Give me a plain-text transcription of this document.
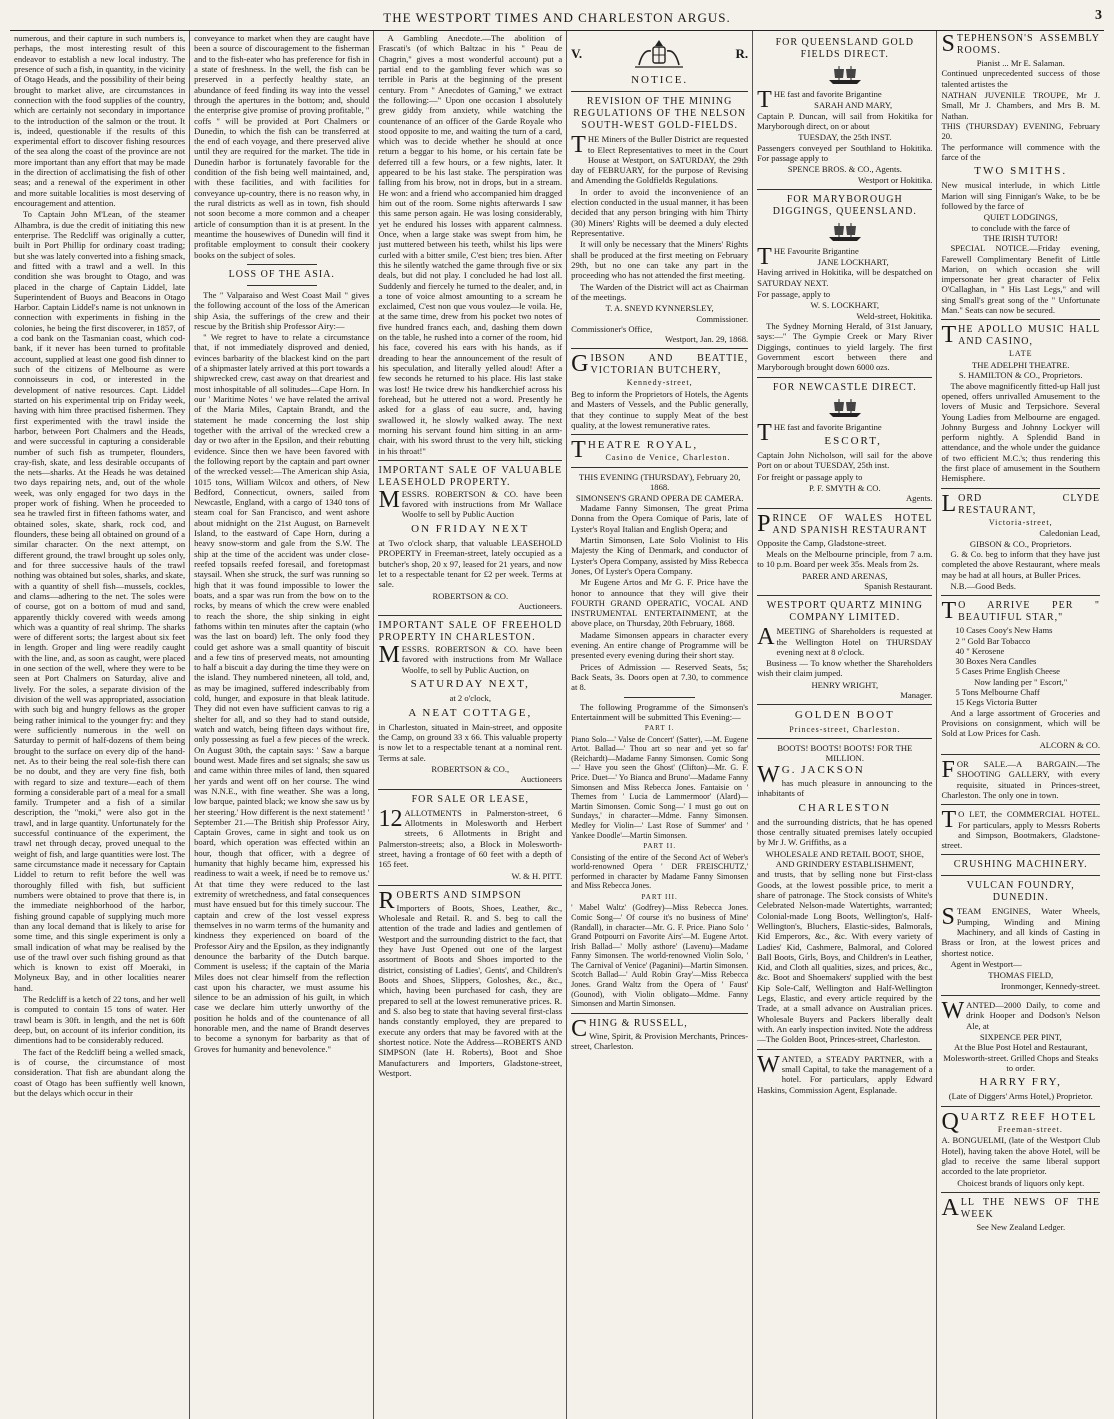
THE WESTPORT TIMES AND CHARLESTON ARGUS.	3

numerous, and their capture in such numbers is, perhaps, the most interesting result of this endeavor to establish a new local industry. The presence of such a fish, in quantity, in the vicinity of Otago Heads, and the possibility of their being brought to market alive, are circumstances in connection with the food supplies of the country, which are certainly not secondary in importance to the introduction of the salmon or the trout. It is, indeed, questionable if the results of this experimental effort to discover fishing resources of the sea along the coast of the province are not more important than any effort that may be made in the direction of acclimatising the fish of other seas; and a renewal of the experiment in other and more suitable localities is most deserving of encouragement and attention.

To Captain John M'Lean, of the steamer Alhambra, is due the credit of initiating this new enterprise. The Redcliff was originally a cutter, built in Port Phillip for ordinary coast trading; but she was lately converted into a fishing smack, and fitted with a trawl and a well. In this condition she was brought to Otago, and was placed in the charge of Captain Liddel, late Superintendent of Buoys and Beacons in Otago Harbor. Captain Liddel's name is not unknown in connection with experiments in fishing in the colonies, he being the first discoverer, in 1857, of a cod bank on the Tasmanian coast, which cod-bank, if it never has been turned to profitable account, supplied at least one good fish dinner to such of the citizens of Melbourne as were connoisseurs in cod, or interested in the development of native resources. Capt. Liddel started on his experimental trip on Friday week, having with him three practised fishermen. They first experimented with the trawl inside the harbor, between Port Chalmers and the Heads, and were successful in capturing a considerable number of such fish as trumpeter, flounders, cray-fish, skate, and less desirable occupants of the nets—sharks. At the Heads he was detained two days repairing nets, and, out of the whole week, was only engaged for two days in the proper work of fishing. When he proceeded to sea he trawled first in fifteen fathoms water, and obtained soles, skate, shark, rock cod, and flounders, these being all obtained on ground of a similar character. On the next attempt, on different ground, the trawl brought up soles only, and for three successive hauls of the trawl nothing was obtained but soles, sharks, and skate, with a quantity of shell fish—mussels, cockles, and clams—adhering to the net. The soles were of course, got on a bottom of mud and sand, apparently thickly covered with weeds among which was a quantity of real shrimp. The sharks were of different sorts; the largest about six feet in length. Groper and ling were readily caught with the line, and, as soon as caught, were placed in one section of the well, where they were to be seen at Port Chalmers on Saturday, alive and lively. For the soles, a separate division of the division of the well was appropriated, association with such big and hungry fellows as the groper being rather inimical to the younger fry: and they were sufficiently numerous in the well on Saturday to permit of half-dozens of them being brought to the surface on every dip of the hand-net. As to their being the real sole-fish there can be no doubt, and they are very fine fish, both with regard to size and texture—each of them forming a considerable part of a meal for a small family. Trumpeter and a fish of a similar description, the "moki," were also got in the trawl, and in large quantity. Unfortunately for the successful continuance of the experiment, the trawl net through decay, proved unequal to the weight of fish, and large quantities were lost. The same circumstance made it necessary for Captain Liddel to return to refit before the well was thoroughly filled with fish, but sufficient numbers were obtained to prove that there is, in the immediate neighborhood of the harbor, fishing ground capable of supplying much more than any local demand that is likely to arise for some time, and this single experiment is only a small indication of what may be realised by the use of the trawl over such fishing ground as that which is known to exist off Moeraki, in Molyneux Bay, and in other localities nearer hand.

The Redcliff is a ketch of 22 tons, and her well is computed to contain 15 tons of water. Her trawl beam is 30ft. in length, and the net is 60ft deep, but, on account of its inferior condition, its dimentions had to be considerably reduced.

The fact of the Redcliff being a welled smack, is of course, the circumstance of most consideration. That fish are abundant along the coast of Otago has been suffiently well known, but the delays which occur in their

conveyance to market when they are caught have been a source of discouragement to the fisherman and to the fish-eater who has preference for fish in a state of freshness. In the well, the fish can be preserved in a perfectly healthy state, an abundance of feed finding its way into the vessel through the apertures in the bottom; and, should the enterprise give promise of proving profitable, " coffs " will be provided at Port Chalmers or Dunedin, to which the fish can be transferred at the end of each voyage, and there preserved alive until they are required for the market. The tide in Dunedin harbor is fortunately favorable for the condition of the fish being well maintained, and, with these facilities, and with facilities for conveyance up-country, there is no reason why, in the rural districts as well as in town, fish should not soon become a more common and a cheaper article of consumption than it is at present. In the meantime the housewives of Dunedin will find it profitable employment to consult their cookery books on the subject of soles.

LOSS OF THE ASIA.

The " Valparaiso and West Coast Mail " gives the following account of the loss of the American ship Asia, the sufferings of the crew and their rescue by the British ship Professor Airy:—

" We regret to have to relate a circumstance that, if not immediately disproved and denied, evinces barbarity of the blackest kind on the part of a shipmaster lately arrived at this port towards a shipwrecked crew, cast away on that dreariest and most inhospitable of all solitudes—Cape Horn. In our ' Maritime Notes ' we have related the arrival of the Maria Miles, Captain Brandt, and the statement he made concerning the lost ship together with the arrival of the wrecked crew a day or two after in the Epsilon, and their rebutting evidence. Since then we have been favored with the following report by the captain and part owner of the wrecked vessel:—The American ship Asia, 1015 tons, William Wilcox and others, of New Bedford, Connecticut, owners, sailed from Newcastle, England, with a cargo of 1340 tons of steam coal for San Francisco, and went ashore about midnight on the 21st August, on Barnevelt Island, to the eastward of Cape Horn, during a heavy snow-storm and gale from the S.W. The ship at the time of the accident was under close-reefed topsails reefed foresail, and foretopmast staysail. When she struck, the surf was running so high that it was found impossible to lower the boats, and a spar was run from the bow on to the rocks, by means of which the crew were enabled to reach the shore, the ship sinking in eight fathoms within ten minutes after the captain (who was the last on board) left. The only food they could get ashore was a small quantity of biscuit and a few tins of preserved meats, not amounting to half a biscuit a day during the time they were on the island. They numbered nineteen, all told, and, as may be imagined, suffered indescribably from cold, hunger, and exposure in that bleak latitude. They did not even have sufficient canvas to rig a shelter for all, and so they had to stand outside, watch and watch, being fifteen days without fire, only possessing as fuel a few pieces of the wreck. On August 30th, the captain says: ' Saw a barque bound west. Made fires and set signals; she saw us and came within three miles of land, then squared her yards and went off on her course. The wind was N.N.E., with fine weather. She was a long, low barque, painted black; we know she saw us by her steering.' How different is the next statement! ' September 21.—The British ship Professor Airy, Captain Groves, came in sight and took us on board, which operation was effected within an hour, though that officer, with a degree of humanity that highly became him, expressed his readiness to wait a week, if need be to remove us.' At that time they were reduced to the last extremity of wretchedness, and fatal consequences must have ensued but for this timely succour. The captain and crew of the lost vessel express themselves in no warm terms of the humanity and kindness they experienced on board of the Professor Airy and the Epsilon, as they indignantly denounce the barbarity of the Dutch barque. Comment is useless; if the captain of the Maria Miles does not clear himself from the reflection cast upon his character, we must assume his silence to be an admission of his guilt, in which case we declare him utterly unworthy of the position he holds and of the countenance of all honorable men, and the name of Brandt deserves to become a synonym for barbarity as that of Groves for humanity and benevolence."

A Gambling Anecdote.—The abolition of Frascati's (of which Baltzac in his " Peau de Chagrin," gives a most wonderful account) put a partial end to the gambling fever which was so terrible in Paris at the beginning of the present century. From " Anecdotes of Gaming," we extract the following:—" Upon one occasion I absolutely grew giddy from anxiety, while watching the countenance of an officer of the Garde Royale who stood opposite to me, and waiting the turn of a card, which was to decide whether he should at once return a beggar to his home, or his certain fate be deferred till a few hours, or a few nights, later. It appeared to be his last stake. The perspiration was falling from his brow, not in drops, but in a stream. He won: and a friend who accompanied him dragged him out of the room. Some nights afterwards I saw this same person again. He was losing considerably, yet he endured his losses with apparent calmness. Once, when a large stake was swept from him, he just muttered between his teeth, whilst his lips were curled with a bitter smile, C'est bien; tres bien. After this he silently watched the game through five or six deals, but did not play. I concluded he had lost all. Suddenly and fiercely he turned to the dealer, and, in a tone of voice almost amounting to a scream he exclaimed, C'est non que vous voulez—le voila. He, at the same time, drew from his pocket two notes of five hundred francs each, and, dashing them down on the table, he rushed into a corner of the room, hid his face, covered his ears with his hands, as if dreading to hear the announcement of the result of his speculation, and literally yelled aloud! After a few seconds he returned to his place. His last stake was lost! He twice drew his handkerchief across his forehead, but he uttered not a word. Presently he asked for a glass of eau sucre, and, having swallowed it, he slowly walked away. The next morning his servant found him sitting in an arm-chair, with his sword thrust to the very hilt, sticking in his throat!"

IMPORTANT SALE OF VALUABLE LEASEHOLD PROPERTY.

MESSRS. ROBERTSON & CO. have been favored with instructions from Mr Wallace Woolfe to sell by Public Auction

ON FRIDAY NEXT

at Two o'clock sharp, that valuable LEASEHOLD PROPERTY in Freeman-street, lately occupied as a butcher's shop, 20 x 97, leased for 21 years, and now let to a respectable tenant for £2 per week. Terms at sale.

ROBERTSON & CO.
Auctioneers.
IMPORTANT SALE OF FREEHOLD PROPERTY IN CHARLESTON.

MESSRS. ROBERTSON & CO. have been favored with instructions from Mr Wallace Woolfe, to sell by Public Auction, on

SATURDAY NEXT,
at 2 o'clock,
A NEAT COTTAGE,

in Charleston, situated in Main-street, and opposite the Camp, on ground 33 x 66. This valuable property is now let to a respectable tenant at a nominal rent. Terms at sale.

ROBERTSON & CO.,
Auctioneers
FOR SALE OR LEASE,

12 ALLOTMENTS in Palmerston-street, 6 Allotments in Molesworth and Herbert streets, 6 Allotments in Bright and Palmerston-streets; also, a Block in Molesworth-street, having a frontage of 60 feet with a depth of 165 feet.

W. & H. PITT.

ROBERTS AND SIMPSON

Importers of Boots, Shoes, Leather, &c., Wholesale and Retail. R. and S. beg to call the attention of the trade and ladies and gentlemen of Westport and the surrounding district to the fact, that they have Just Opened out one of the largest assortment of Boots and Shoes imported to the district, consisting of Ladies', Gents', and Children's Boots and Shoes, Slippers, Goloshes, &c., &c., which, having been purchased for cash, they are prepared to sell at the lowest remunerative prices. R. and S. also beg to state that having several first-class hands constantly employed, they are prepared to execute any orders that may be favored with at the shortest notice. Note the Address—ROBERTS AND SIMPSON (late H. Roberts), Boot and Shoe Manufacturers and Importers, Gladstone-street, Westport.

V.	R.
NOTICE.
REVISION OF THE MINING REGULATIONS OF THE NELSON SOUTH-WEST GOLD-FIELDS.

THE Miners of the Buller District are requested to Elect Representatives to meet in the Court House at Westport, on SATURDAY, the 29th day of FEBRUARY, for the purpose of Revising and Amending the Goldfields Regulations.

In order to avoid the inconvenience of an election conducted in the usual manner, it has been decided that any person bringing with him Thirty (30) Miners' Rights will be deemed a duly elected Representative.

It will only be necessary that the Miners' Rights shall be produced at the first meeting on February 29th, but no one can take any part in the proceeding who has not attended the first meeting.

The Warden of the District will act as Chairman of the meetings.

T. A. SNEYD KYNNERSLEY,
Commissioner.
Commissioner's Office,
Westport, Jan. 29, 1868.

GIBSON AND BEATTIE, VICTORIAN BUTCHERY,

Kennedy-street,

Beg to inform the Proprietors of Hotels, the Agents and Masters of Vessels, and the Public generally, that they continue to supply Meat of the best quality, at the lowest remunerative rates.

THEATRE ROYAL,

Casino de Venice, Charleston.
THIS EVENING (THURSDAY), February 20, 1868.
SIMONSEN'S GRAND OPERA DE CAMERA.

Madame Fanny Simonsen, The great Prima Donna from the Opera Comique of Paris, late of Lyster's Royal Italian and English Opera; and

Martin Simonsen, Late Solo Violinist to His Majesty the King of Denmark, and conductor of Lyster's Opera Company, assisted by Miss Rebecca Jones, Of Lyster's Opera Company.

Mr Eugene Artos and Mr G. F. Price have the honor to announce that they will give their FOURTH GRAND OPERATIC, VOCAL AND INSTRUMENTAL ENTERTAINMENT, at the above place, on Thursday, 20th February, 1868.

Madame Simonsen appears in character every evening. An entire change of Programme will be presented every evening during their short stay.

Prices of Admission — Reserved Seats, 5s; Back Seats, 3s. Doors open at 7.30, to commence at 8.

The following Programme of the Simonsen's Entertainment will be submitted This Evening:—

PART I.

Piano Solo—' Valse de Concert' (Satter), —M. Eugene Artot. Ballad—' Thou art so near and yet so far' (Reichardt)—Madame Fanny Simonsen. Comic Song—' Have you seen the Ghost' (Clifton)—Mr. G. F. Price. Duet—' Yo Bianca and Bruno'—Madame Fanny Simonsen and Miss Rebecca Jones. Fantaisie on ' Themes from ' Lucia de Lammermoor' (Alard)—Martin Simonsen. Comic Song—' I must go out on Sundays,' in character—Mdme. Fanny Simonsen. Medley for Violin—' Last Rose of Summer' and ' Yankee Doodle'—Martin Simonsen.

PART II.

Consisting of the entire of the Second Act of Weber's world-renowned Opera ' DER FREISCHUTZ,' performed in character by Madame Fanny Simonsen and Miss Rebecca Jones.

PART III.

' Mabel Waltz' (Godfrey)—Miss Rebecca Jones. Comic Song—' Of course it's no business of Mine' (Randall), in character—Mr. G. F. Price. Piano Solo ' Grand Potpourri on Favorite Airs'—M. Eugene Artot. Irish Ballad—' Molly asthore' (Lavenu)—Madame Fanny Simonsen. The world-renowned Violin Solo, ' The Carnival of Venice' (Paganini)—Martin Simonsen. Scotch Ballad—' Auld Robin Gray'—Miss Rebecca Jones. Grand Waltz from the Opera of ' Faust' (Gounod), with Violin obligato—Mdme. Fanny Simonsen and Martin Simonsen.

CHING & RUSSELL,

Wine, Spirit, & Provision Merchants, Princes-street, Charleston.

FOR QUEENSLAND GOLD FIELDS DIRECT.

THE fast and favorite Brigantine

SARAH AND MARY,

Captain P. Duncan, will sail from Hokitika for Maryborough direct, on or about

TUESDAY, the 25th INST.

Passengers conveyed per Southland to Hokitika. For passage apply to

SPENCE BROS. & CO., Agents.
Westport or Hokitika.
FOR MARYBOROUGH DIGGINGS, QUEENSLAND.

THE Favourite Brigantine

JANE LOCKHART,

Having arrived in Hokitika, will be despatched on SATURDAY NEXT.

For passage, apply to

W. S. LOCKHART,
Weld-street, Hokitika.

The Sydney Morning Herald, of 31st January, says:—" The Gympie Creek or Mary River Diggings, continues to yield largely. The first Government escort between there and Maryborough brought down 6000 ozs.

FOR NEWCASTLE DIRECT.

THE fast and favorite Brigantine

ESCORT,

Captain John Nicholson, will sail for the above Port on or about TUESDAY, 25th inst.

For freight or passage apply to

P. F. SMYTH & CO.
Agents.

PRINCE OF WALES HOTEL AND SPANISH RESTAURANT

Opposite the Camp, Gladstone-street.

Meals on the Melbourne principle, from 7 a.m. to 10 p.m. Board per week 35s. Meals from 2s.

PARER AND ARENAS,
Spanish Restaurant.
WESTPORT QUARTZ MINING COMPANY LIMITED.

AMEETING of Shareholders is requested at the Wellington Hotel on THURSDAY evening next at 8 o'clock.

Business — To know whether the Shareholders wish their claim jumped.

HENRY WRIGHT,
Manager.
GOLDEN BOOT
Princes-street, Charleston.
BOOTS! BOOTS! BOOTS! FOR THE MILLION.

W G. JACKSON

has much pleasure in announcing to the inhabitants of

CHARLESTON

and the surrounding districts, that he has opened those centrally situated premises lately occupied by Mr J. W. Griffiths, as a

WHOLESALE AND RETAIL BOOT, SHOE, AND GRINDERY ESTABLISHMENT,

and trusts, that by selling none but First-class Goods, at the lowest possible price, to merit a share of patronage. The Stock consists of White's Celebrated Nelson-made Watertights, warranted; Colonial-made Long Boots, Wellington's, Half-Wellington's, Bluchers, Elastic-sides, Balmorals, Kid Emperors, &c., &c. With every variety of Ladies' Kid, Cashmere, Balmoral, and Colored Ball Boots, Girls, Boys, and Children's in Leather, Kid, and Cloth all qualities, sizes, and prices, &c., &c. Boot and Shoemakers' supplied with the best Kip Sole-Calf, Wellington and Half-Wellington Legs, Elastic, and every article required by the Trade, at a small advance on Australian prices. Wholesale Buyers and Packers liberally dealt with. An early inspection invited. Note the address—The Golden Boot, Princes-street, Charleston.

WANTED, a STEADY PARTNER, with a small Capital, to take the management of a hotel. For particulars, apply Edward Haskins, Commission Agent, Esplanade.

STEPHENSON'S ASSEMBLY ROOMS.

Pianist ... Mr E. Salaman.

Continued unprecedented success of those talented artistes the

NATHAN JUVENILE TROUPE, Mr J. Small, Mr J. Chambers, and Mrs B. M. Nathan.
THIS (THURSDAY) EVENING, February 20.
The performance will commence with the farce of the
TWO SMITHS.

New musical interlude, in which Little Marion will sing Finnigan's Wake, to be be followed by the farce of

QUIET LODGINGS,
to conclude with the farce of
THE IRISH TUTOR!

SPECIAL NOTICE.—Friday evening, Farewell Complimentary Benefit of Little Marion, on which occasion she will impersonate her great character of Felix O'Callaghan, in " His Last Legs," and will sing Small's great song of the " Unfortunate Man." Seats can now be secured.

THE APOLLO MUSIC HALL AND CASINO,

LATE
THE ADELPHI THEATRE.
S. HAMILTON & CO., Proprietors.

The above magnificently fitted-up Hall just opened, offers unrivalled Amusement to the lovers of Music and Terpsichore. Several Young Ladies from Melbourne are engaged. Johnny Burgess and Johnny Lockyer will perform nightly. A Splendid Band in attendance, and the whole under the guidance of two efficient M.C.'s; thus rendering this the first place of amusement in the Southern Hemisphere.

LORD CLYDE RESTAURANT,

Victoria-street,
Caledonian Lead,
GIBSON & CO., Proprietors.

G. & Co. beg to inform that they have just completed the above Restaurant, where meals may be had at all hours, at Buller Prices.

N.B.—Good Beds.

T O ARRIVE PER " BEAUTIFUL STAR,"

10 Cases Cooy's New Hams
2 " Gold Bar Tobacco
40 " Kerosene
30 Boxes Nera Candles
5 Cases Prime English Cheese
Now landing per " Escort,"
5 Tons Melbourne Chaff
15 Kegs Victoria Butter

And a large assortment of Groceries and Provisions on consignment, which will be Sold at Low Prices for Cash.

ALCORN & CO.

FOR SALE.—A BARGAIN.—The SHOOTING GALLERY, with every requisite, situated in Princes-street, Charleston. The only one in town.

T O LET, the COMMERCIAL HOTEL. For particulars, apply to Messrs Roberts and Simpson, Bootmakers, Gladstone-street.

CRUSHING MACHINERY.
VULCAN FOUNDRY, DUNEDIN.

STEAM ENGINES, Water Wheels, Pumping, Winding and Mining Machinery, and all kinds of Casting in Brass or Iron, at the lowest prices and shortest notice.

Agent in Westport—

THOMAS FIELD,
Ironmonger, Kennedy-street.

WANTED—2000 Daily, to come and drink Hooper and Dodson's Nelson Ale, at

SIXPENCE PER PINT,

At the Blue Post Hotel and Restaurant, Molesworth-street. Grilled Chops and Steaks to order.

HARRY FRY,
(Late of Diggers' Arms Hotel,) Proprietor.

QUARTZ REEF HOTEL

Freeman-street.

A. BONGUELMI, (late of the Westport Club Hotel), having taken the above Hotel, will be glad to receive the same liberal support accorded to the late proprietor.

Choicest brands of liquors only kept.

ALL THE NEWS OF THE WEEK

See New Zealand Ledger.
